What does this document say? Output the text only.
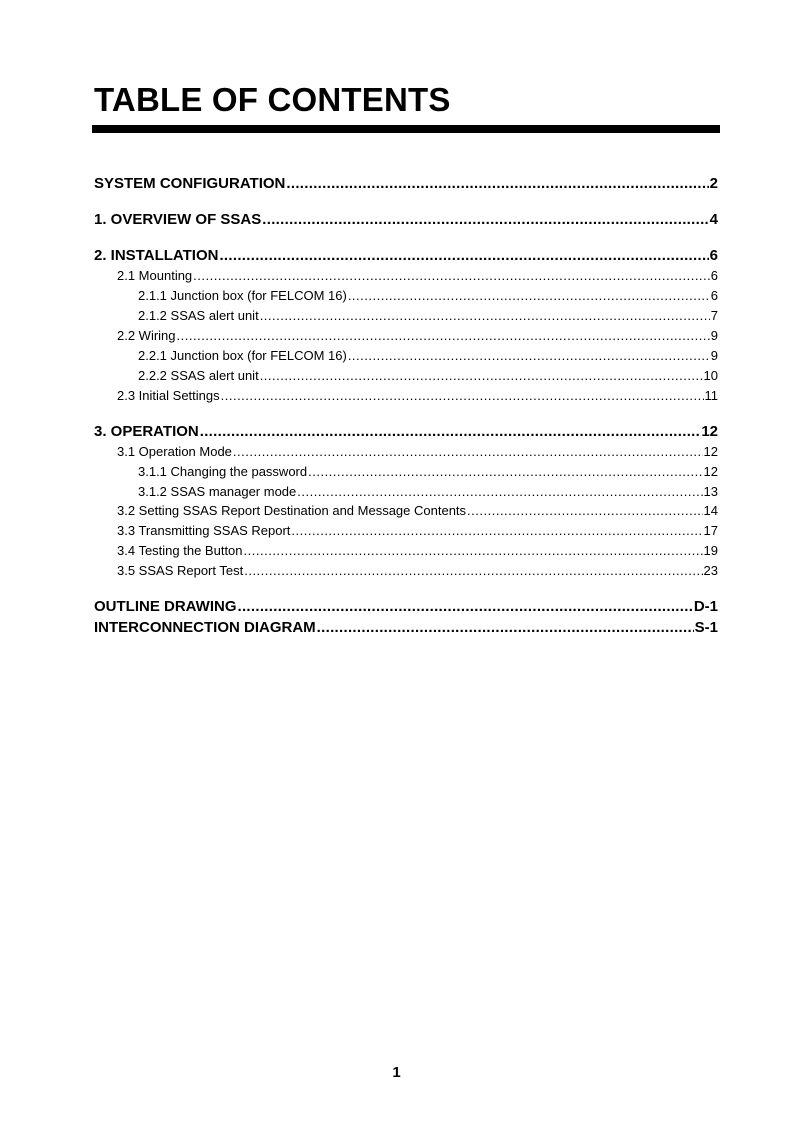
TABLE OF CONTENTS
SYSTEM CONFIGURATION .....	2
1. OVERVIEW OF SSAS .....	4
2. INSTALLATION .....	6
2.1 Mounting .....	6
2.1.1 Junction box (for FELCOM 16) .....	6
2.1.2 SSAS alert unit .....	7
2.2 Wiring .....	9
2.2.1 Junction box (for FELCOM 16) .....	9
2.2.2 SSAS alert unit .....	10
2.3 Initial Settings .....	11
3. OPERATION .....	12
3.1 Operation Mode .....	12
3.1.1 Changing the password .....	12
3.1.2 SSAS manager mode .....	13
3.2 Setting SSAS Report Destination and Message Contents .....	14
3.3 Transmitting SSAS Report .....	17
3.4 Testing the Button .....	19
3.5 SSAS Report Test .....	23
OUTLINE DRAWING .....	D-1
INTERCONNECTION DIAGRAM .....	S-1
1
